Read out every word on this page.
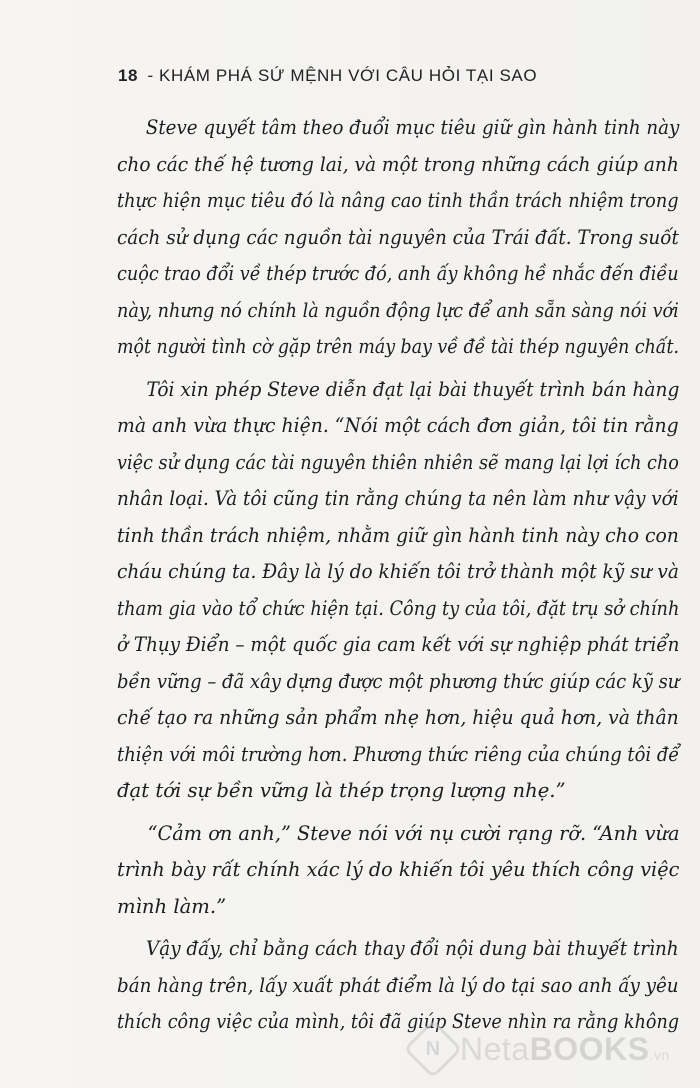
18 - KHÁM PHÁ SỨ MỆNH VỚI CÂU HỎI TẠI SAO
Steve quyết tâm theo đuổi mục tiêu giữ gìn hành tinh này
cho các thế hệ tương lai, và một trong những cách giúp anh
thực hiện mục tiêu đó là nâng cao tinh thần trách nhiệm trong
cách sử dụng các nguồn tài nguyên của Trái đất. Trong suốt
cuộc trao đổi về thép trước đó, anh ấy không hề nhắc đến điều
này, nhưng nó chính là nguồn động lực để anh sẵn sàng nói với
một người tình cờ gặp trên máy bay về đề tài thép nguyên chất.
Tôi xin phép Steve diễn đạt lại bài thuyết trình bán hàng
mà anh vừa thực hiện. “Nói một cách đơn giản, tôi tin rằng
việc sử dụng các tài nguyên thiên nhiên sẽ mang lại lợi ích cho
nhân loại. Và tôi cũng tin rằng chúng ta nên làm như vậy với
tinh thần trách nhiệm, nhằm giữ gìn hành tinh này cho con
cháu chúng ta. Đây là lý do khiến tôi trở thành một kỹ sư và
tham gia vào tổ chức hiện tại. Công ty của tôi, đặt trụ sở chính
ở Thụy Điển – một quốc gia cam kết với sự nghiệp phát triển
bền vững – đã xây dựng được một phương thức giúp các kỹ sư
chế tạo ra những sản phẩm nhẹ hơn, hiệu quả hơn, và thân
thiện với môi trường hơn. Phương thức riêng của chúng tôi để
đạt tới sự bền vững là thép trọng lượng nhẹ.”
“Cảm ơn anh,” Steve nói với nụ cười rạng rỡ. “Anh vừa
trình bày rất chính xác lý do khiến tôi yêu thích công việc
mình làm.”
Vậy đấy, chỉ bằng cách thay đổi nội dung bài thuyết trình
bán hàng trên, lấy xuất phát điểm là lý do tại sao anh ấy yêu
thích công việc của mình, tôi đã giúp Steve nhìn ra rằng không
N NetaBOOKS.vn
